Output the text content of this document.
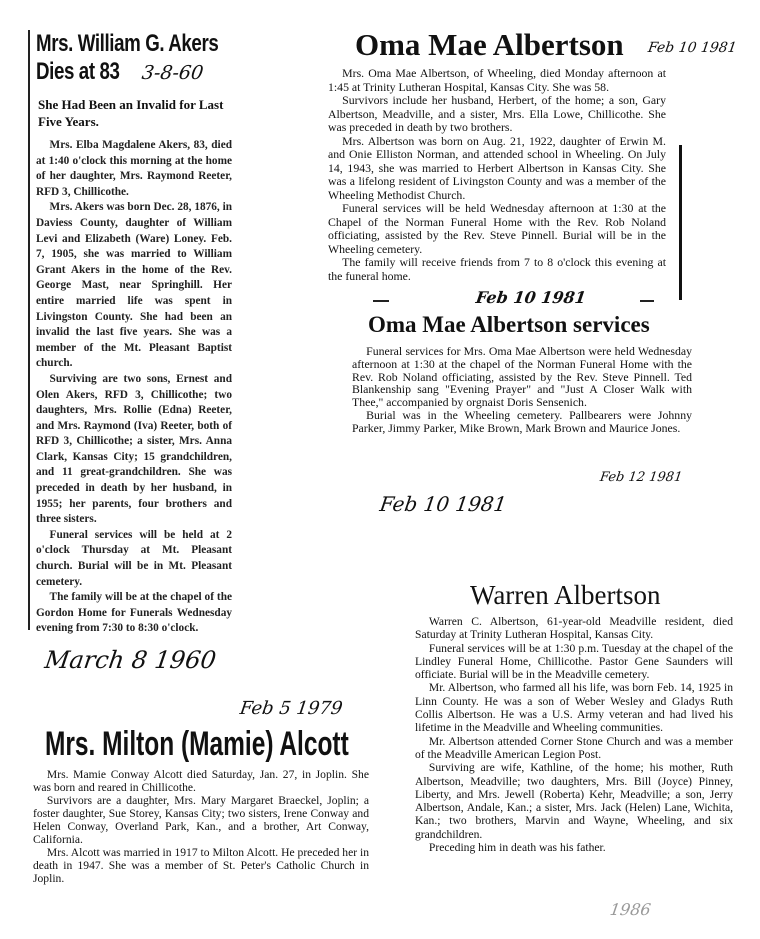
Mrs. William G. Akers
Dies at 83 3-8-60
She Had Been an Invalid for Last Five Years.

Mrs. Elba Magdalene Akers, 83, died at 1:40 o'clock this morning at the home of her daughter, Mrs. Raymond Reeter, RFD 3, Chillicothe.

Mrs. Akers was born Dec. 28, 1876, in Daviess County, daughter of William Levi and Elizabeth (Ware) Loney. Feb. 7, 1905, she was married to William Grant Akers in the home of the Rev. George Mast, near Springhill. Her entire married life was spent in Livingston County. She had been an invalid the last five years. She was a member of the Mt. Pleasant Baptist church.

Surviving are two sons, Ernest and Olen Akers, RFD 3, Chillicothe; two daughters, Mrs. Rollie (Edna) Reeter, and Mrs. Raymond (Iva) Reeter, both of RFD 3, Chillicothe; a sister, Mrs. Anna Clark, Kansas City; 15 grandchildren, and 11 great-grandchildren. She was preceded in death by her husband, in 1955; her parents, four brothers and three sisters.

Funeral services will be held at 2 o'clock Thursday at Mt. Pleasant church. Burial will be in Mt. Pleasant cemetery.

The family will be at the chapel of the Gordon Home for Funerals Wednesday evening from 7:30 to 8:30 o'clock.

March 8 1960
Mrs. Milton (Mamie) Alcott
Feb 5 1979

Mrs. Mamie Conway Alcott died Saturday, Jan. 27, in Joplin. She was born and reared in Chillicothe.

Survivors are a daughter, Mrs. Mary Margaret Braeckel, Joplin; a foster daughter, Sue Storey, Kansas City; two sisters, Irene Conway and Helen Conway, Overland Park, Kan., and a brother, Art Conway, California.

Mrs. Alcott was married in 1917 to Milton Alcott. He preceded her in death in 1947. She was a member of St. Peter's Catholic Church in Joplin.

Oma Mae Albertson Feb 10 1981

Mrs. Oma Mae Albertson, of Wheeling, died Monday afternoon at 1:45 at Trinity Lutheran Hospital, Kansas City. She was 58.

Survivors include her husband, Herbert, of the home; a son, Gary Albertson, Meadville, and a sister, Mrs. Ella Lowe, Chillicothe. She was preceded in death by two brothers.

Mrs. Albertson was born on Aug. 21, 1922, daughter of Erwin M. and Onie Elliston Norman, and attended school in Wheeling. On July 14, 1943, she was married to Herbert Albertson in Kansas City. She was a lifelong resident of Livingston County and was a member of the Wheeling Methodist Church.

Funeral services will be held Wednesday afternoon at 1:30 at the Chapel of the Norman Funeral Home with the Rev. Rob Noland officiating, assisted by the Rev. Steve Pinnell. Burial will be in the Wheeling cemetery.

The family will receive friends from 7 to 8 o'clock this evening at the funeral home.

Feb 10 1981
Oma Mae Albertson services

Funeral services for Mrs. Oma Mae Albertson were held Wednesday afternoon at 1:30 at the chapel of the Norman Funeral Home with the Rev. Rob Noland officiating, assisted by the Rev. Steve Pinnell. Ted Blankenship sang "Evening Prayer" and "Just A Closer Walk with Thee," accompanied by orgnaist Doris Sensenich.

Burial was in the Wheeling cemetery. Pallbearers were Johnny Parker, Jimmy Parker, Mike Brown, Mark Brown and Maurice Jones.

Feb 12 1981
Feb 10 1981
Warren Albertson

Warren C. Albertson, 61-year-old Meadville resident, died Saturday at Trinity Lutheran Hospital, Kansas City.

Funeral services will be at 1:30 p.m. Tuesday at the chapel of the Lindley Funeral Home, Chillicothe. Pastor Gene Saunders will officiate. Burial will be in the Meadville cemetery.

Mr. Albertson, who farmed all his life, was born Feb. 14, 1925 in Linn County. He was a son of Weber Wesley and Gladys Ruth Collis Albertson. He was a U.S. Army veteran and had lived his lifetime in the Meadville and Wheeling communities.

Mr. Albertson attended Corner Stone Church and was a member of the Meadville American Legion Post.

Surviving are wife, Kathline, of the home; his mother, Ruth Albertson, Meadville; two daughters, Mrs. Bill (Joyce) Pinney, Liberty, and Mrs. Jewell (Roberta) Kehr, Meadville; a son, Jerry Albertson, Andale, Kan.; a sister, Mrs. Jack (Helen) Lane, Wichita, Kan.; two brothers, Marvin and Wayne, Wheeling, and six grandchildren.

Preceding him in death was his father.

1986
